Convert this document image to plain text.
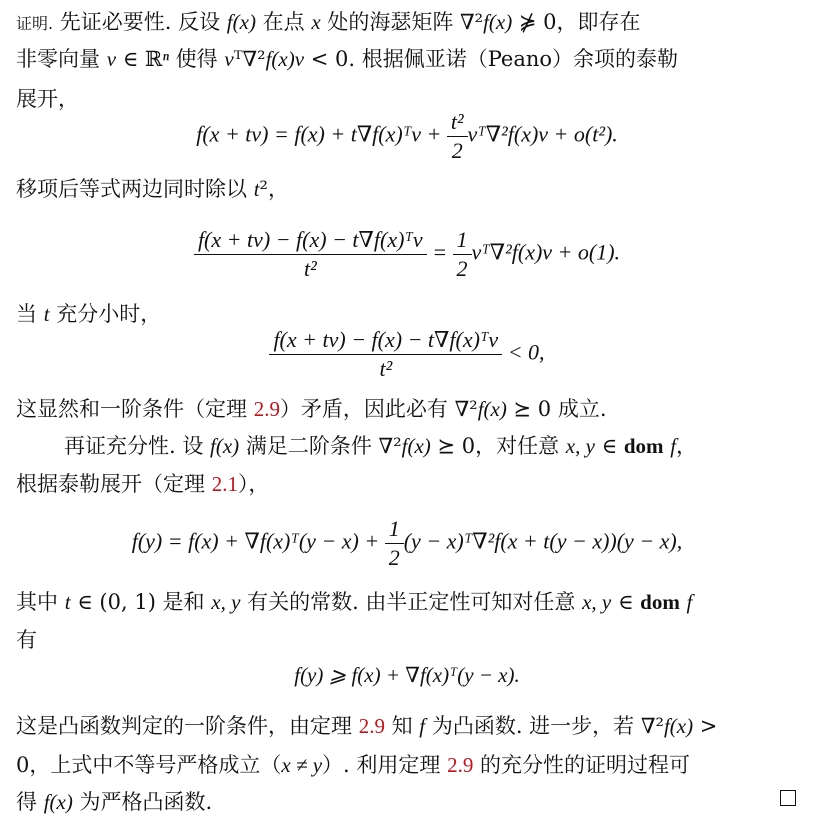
证明. 先证必要性. 反设 f(x) 在点 x 处的海瑟矩阵 ∇²f(x) ⋡ 0，即存在
非零向量 v ∈ ℝⁿ 使得 vᵀ∇²f(x)v < 0. 根据佩亚诺（Peano）余项的泰勒
展开，
f(x + tv) = f(x) + t∇f(x)ᵀv + $\frac{\text{t²}}{2}$ vᵀ∇²f(x)v + o(t²).
移项后等式两边同时除以 t²，
$\frac{\text{f(x + tv) − f(x) − t∇f(x)ᵀv}}{\text{t²}} = \frac{1}{2}$ vᵀ∇²f(x)v + o(1).
当 t 充分小时，
$\frac{\text{f(x + tv) − f(x) − t∇f(x)ᵀv}}{\text{t²}} < 0$,
这显然和一阶条件（定理 2.9）矛盾，因此必有 ∇²f(x) ⪰ 0 成立.
再证充分性. 设 f(x) 满足二阶条件 ∇²f(x) ⪰ 0，对任意 x, y ∈ dom f，
根据泰勒展开（定理 2.1），
f(y) = f(x) + ∇f(x)ᵀ(y − $x) + \frac{1}{2} (y$ − x)ᵀ∇²f(x + t(y − x))(y − x),
其中 t ∈ (0, 1) 是和 x, y 有关的常数. 由半正定性可知对任意 x, y ∈ dom f
有
f(y) ⩾ f(x) + ∇f(x)ᵀ(y − x).
这是凸函数判定的一阶条件，由定理 2.9 知 f 为凸函数. 进一步，若 ∇²f(x) >
0，上式中不等号严格成立（x ≠ y）. 利用定理 2.9 的充分性的证明过程可
得 f(x) 为严格凸函数.
